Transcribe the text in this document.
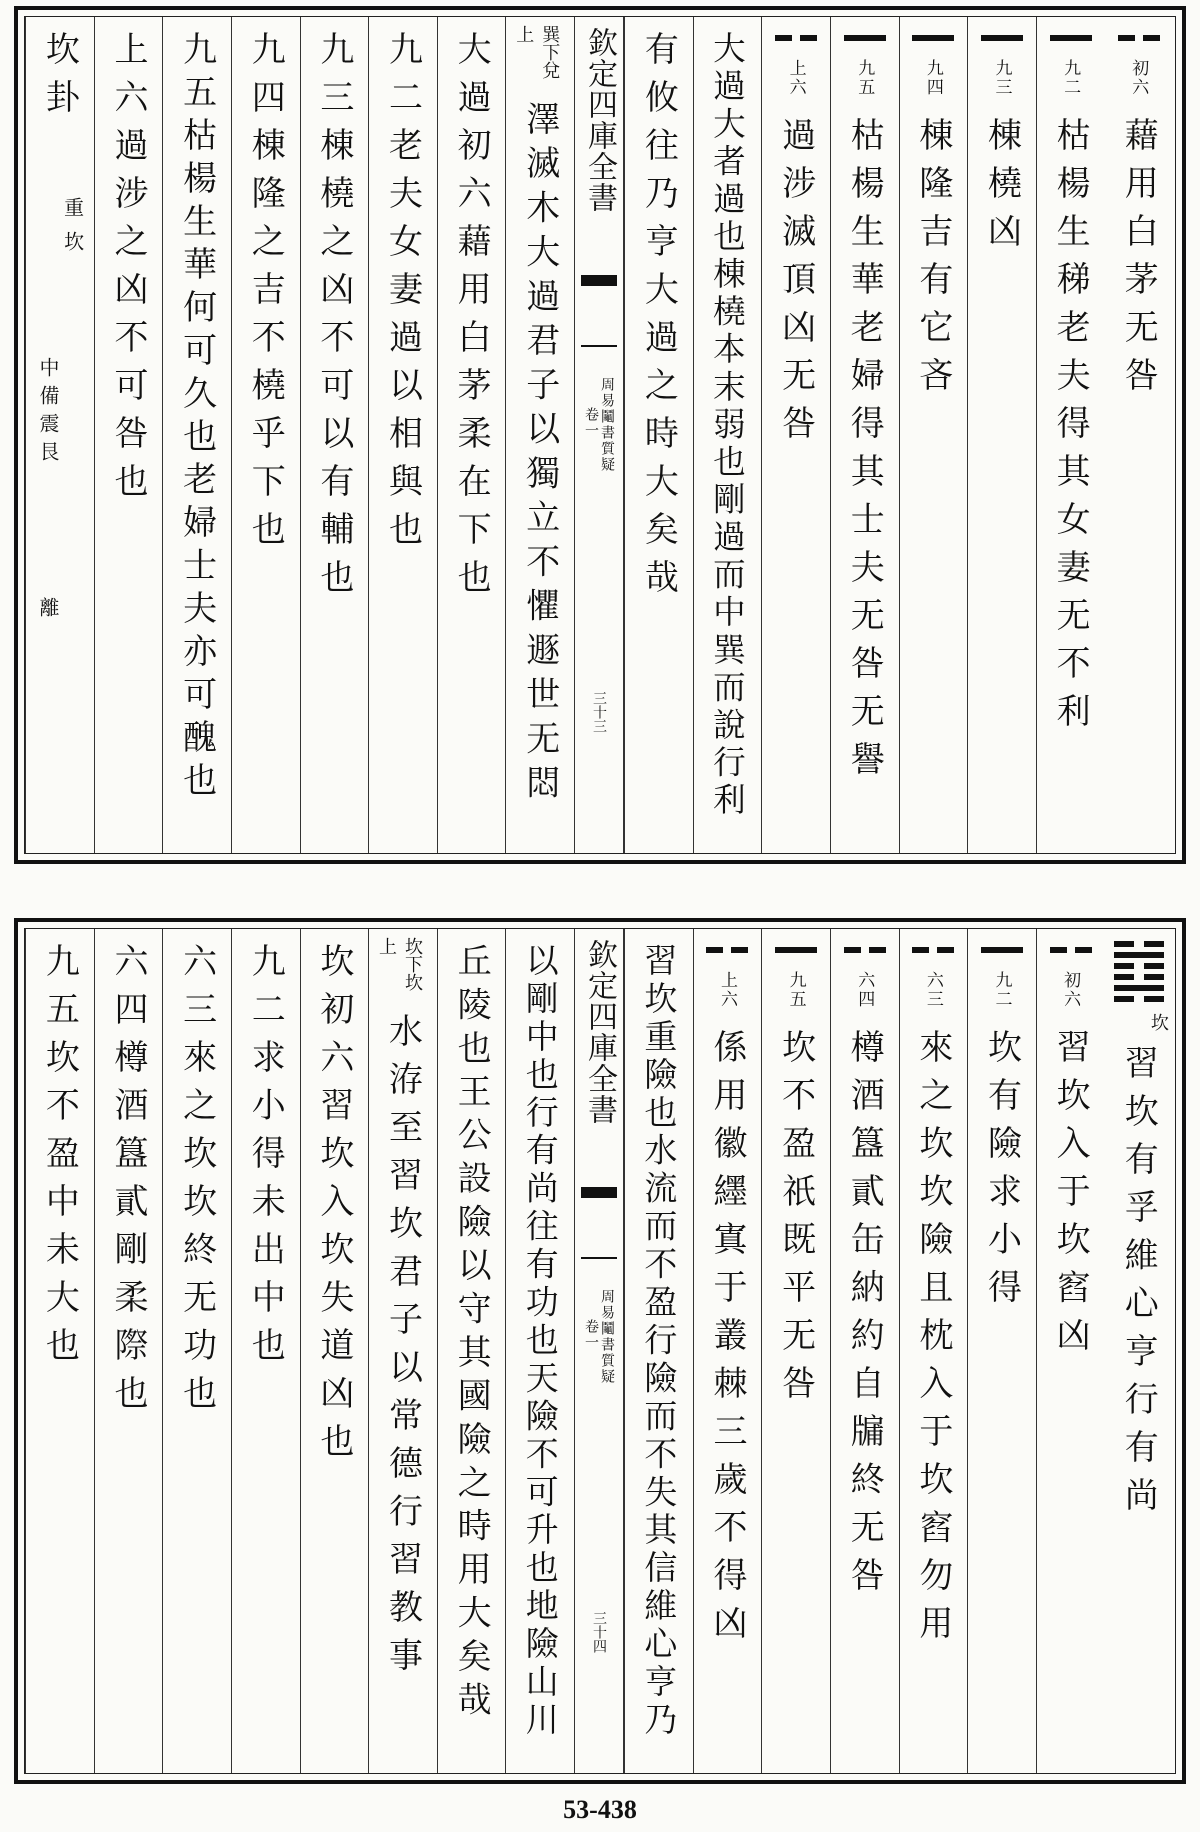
初六
藉用白茅无咎
九二
枯楊生稊老夫得其女妻无不利
九三
棟橈凶
九四
棟隆吉有它吝
九五
枯楊生華老婦得其士夫无咎无譽
上六
過涉滅頂凶无咎
大過大者過也棟橈本末弱也剛過而中巽而說行利
有攸往乃亨大過之時大矣哉
欽定四庫全書
周易鬮書質疑
卷一
三十三
巽下兌上
澤滅木大過君子以獨立不懼遯世无悶
大過初六藉用白茅柔在下也
九二老夫女妻過以相與也
九三棟橈之凶不可以有輔也
九四棟隆之吉不橈乎下也
九五枯楊生華何可久也老婦士夫亦可醜也
上六過涉之凶不可咎也
坎卦
重坎
中備震艮
離
坎
習坎有孚維心亨行有尚
初六
習坎入于坎窞凶
九二
坎有險求小得
六三
來之坎坎險且枕入于坎窞勿用
六四
樽酒簋貳缶納約自牖終无咎
九五
坎不盈祇既平无咎
上六
係用徽纆寘于叢棘三歲不得凶
習坎重險也水流而不盈行險而不失其信維心亨乃
欽定四庫全書
周易鬮書質疑
卷一
三十四
以剛中也行有尚往有功也天險不可升也地險山川
丘陵也王公設險以守其國險之時用大矣哉
坎下坎上
水洊至習坎君子以常德行習教事
坎初六習坎入坎失道凶也
九二求小得未出中也
六三來之坎坎終无功也
六四樽酒簋貳剛柔際也
九五坎不盈中未大也
53-438
